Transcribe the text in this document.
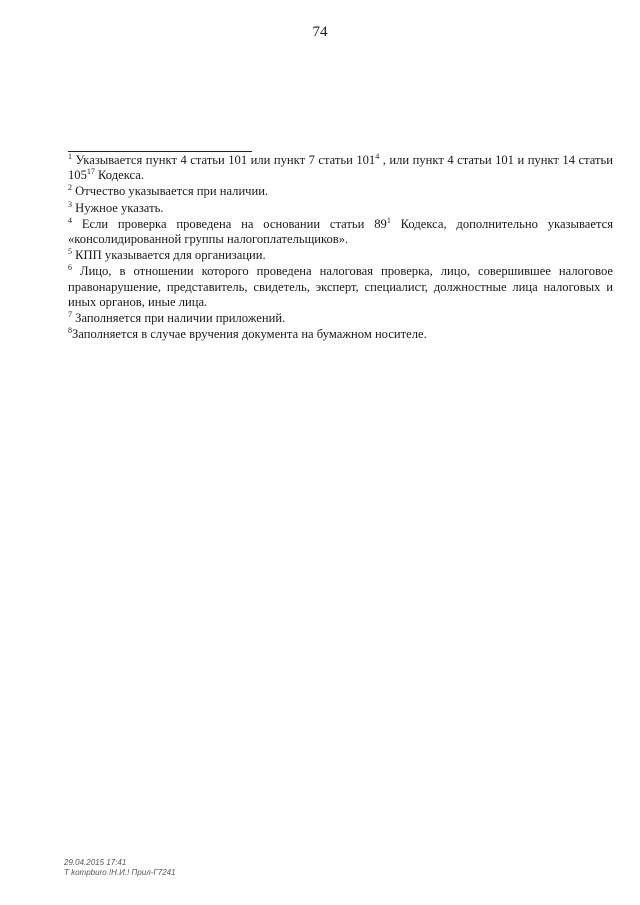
74

$^1$ Указывается пункт 4 статьи 101 или пункт 7 статьи $101^4$ , или пункт 4 статьи 101 и пункт 14 статьи $105^{17}$ Кодекса.

$^2$ Отчество указывается при наличии.

$^3$ Нужное указать.

$^4$ Если проверка проведена на основании статьи $89^1$ Кодекса, дополнительно указывается «консолидированной группы налогоплательщиков».

$^5$ КПП указывается для организации.

$^6$ Лицо, в отношении которого проведена налоговая проверка, лицо, совершившее налоговое правонарушение, представитель, свидетель, эксперт, специалист, должностные лица налоговых и иных органов, иные лица.

$^7$ Заполняется при наличии приложений.

$^8$Заполняется в случае вручения документа на бумажном носителе.

29.04.2015 17:41
Т kompburo !Н.И.! Прил-Г7241
